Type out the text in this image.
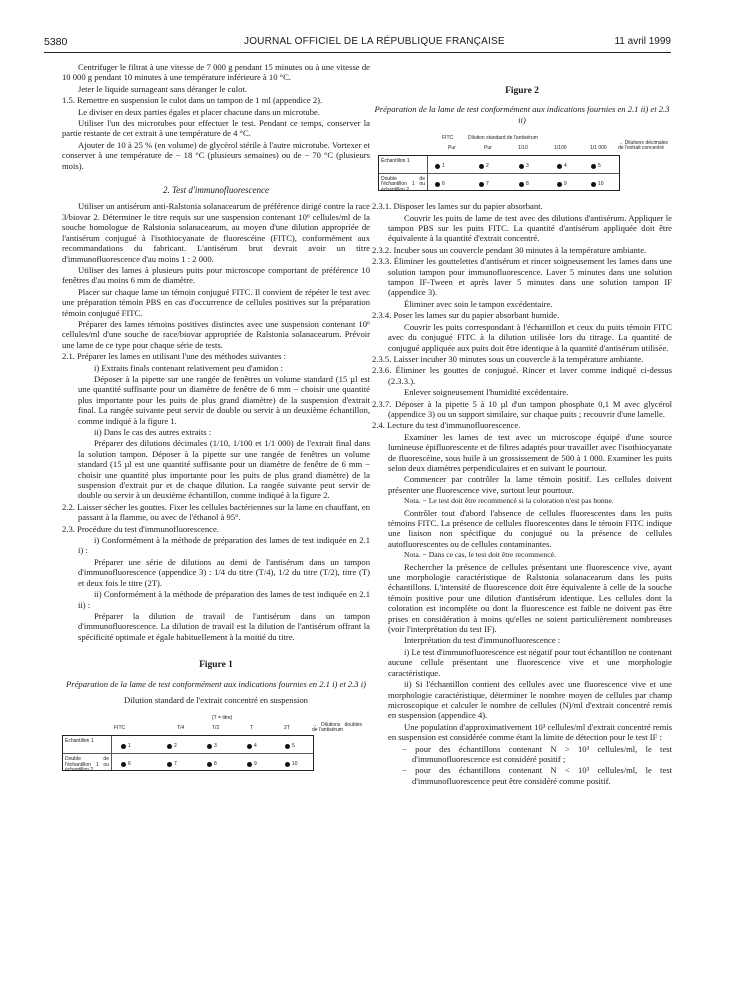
5380	JOURNAL OFFICIEL DE LA RÉPUBLIQUE FRANÇAISE	11 avril 1999

Centrifuger le filtrat à une vitesse de 7 000 g pendant 15 minutes ou à une vitesse de 10 000 g pendant 10 minutes à une température inférieure à 10 °C.

Jeter le liquide surnageant sans déranger le culot.

1.5. Remettre en suspension le culot dans un tampon de 1 ml (appendice 2).

Le diviser en deux parties égales et placer chacune dans un microtube.

Utiliser l'un des microtubes pour effectuer le test. Pendant ce temps, conserver la partie restante de cet extrait à une température de 4 °C.

Ajouter de 10 à 25 % (en volume) de glycérol stérile à l'autre microtube. Vortexer et conserver à une température de − 18 °C (plusieurs semaines) ou de − 70 °C (plusieurs mois).

2. Test d'immunofluorescence

Utiliser un antisérum anti-Ralstonia solanacearum de préférence dirigé contre la race 3/biovar 2. Déterminer le titre requis sur une suspension contenant 10⁶ cellules/ml de la souche homologue de Ralstonia solanacearum, au moyen d'une dilution appropriée de l'antisérum conjugué à l'isothiocyanate de fluorescéine (FITC), conformément aux recommandations du fabricant. L'antisérum brut devrait avoir un titre d'immunofluorescence d'au moins 1 : 2 000.

Utiliser des lames à plusieurs puits pour microscope comportant de préférence 10 fenêtres d'au moins 6 mm de diamètre.

Placer sur chaque lame un témoin conjugué FITC. Il convient de répéter le test avec une préparation témoin PBS en cas d'occurrence de cellules positives sur la préparation témoin conjugué FITC.

Préparer des lames témoins positives distinctes avec une suspension contenant 10⁶ cellules/ml d'une souche de race/biovar appropriée de Ralstonia solanacearum. Prévoir une lame de ce type pour chaque série de tests.

2.1. Préparer les lames en utilisant l'une des méthodes suivantes :

i) Extraits finals contenant relativement peu d'amidon :

Déposer à la pipette sur une rangée de fenêtres un volume standard (15 µl est une quantité suffisante pour un diamètre de fenêtre de 6 mm − choisir une quantité plus importante pour les puits de plus grand diamètre) de la suspension d'extrait final. La rangée suivante peut servir de double ou servir à un deuxième échantillon, comme indiqué à la figure 1.

ii) Dans le cas des autres extraits :

Préparer des dilutions décimales (1/10, 1/100 et 1/1 000) de l'extrait final dans la solution tampon. Déposer à la pipette sur une rangée de fenêtres un volume standard (15 µl est une quantité suffisante pour un diamètre de fenêtre de 6 mm − choisir une quantité plus importante pour les puits de plus grand diamètre) de la suspension d'extrait pur et de chaque dilution. La rangée suivante peut servir de double ou servir à un deuxième échantillon, comme indiqué à la figure 2.

2.2. Laisser sécher les gouttes. Fixer les cellules bactériennes sur la lame en chauffant, en passant à la flamme, ou avec de l'éthanol à 95°.

2.3. Procédure du test d'immunofluorescence.

i) Conformément à la méthode de préparation des lames de test indiquée en 2.1 i) :

Préparer une série de dilutions au demi de l'antisérum dans un tampon d'immunofluorescence (appendice 3) : 1/4 du titre (T/4), 1/2 du titre (T/2), titre (T) et deux fois le titre (2T).

ii) Conformément à la méthode de préparation des lames de test indiquée en 2.1 ii) :

Préparer la dilution de travail de l'antisérum dans un tampon d'immunofluorescence. La dilution de travail est la dilution de l'antisérum offrant la spécificité optimale et égale habituellement à la moitié du titre.

Figure 1
Préparation de la lame de test conformément aux indications fournies en 2.1 i) et 2.3 i)
Dilution standard de l'extrait concentré en suspension
(T = titre)
FITC	T/4	T/2	T	2T	→ Dilutions doubles de l'antisérum
Échantillon 1
1	2	3	4	5
Double de l'échantillon 1 ou échantillon 2
6	7	8	9	10
Figure 2
Préparation de la lame de test conformément aux indications fournies en 2.1 ii) et 2.3 ii)
FITC	Dilution standard de l'antisérum
Pur	Pur	1/10	1/100	1/1 000
→ Dilutions décimales de l'extrait concentré
Échantillon 1
1	2	3	4	5
Double de l'échantillon 1 ou échantillon 2
6	7	8	9	10

2.3.1. Disposer les lames sur du papier absorbant.

Couvrir les puits de lame de test avec des dilutions d'antisérum. Appliquer le tampon PBS sur les puits FITC. La quantité d'antisérum appliquée doit être équivalente à la quantité d'extrait concentré.

2.3.2. Incuber sous un couvercle pendant 30 minutes à la température ambiante.

2.3.3. Éliminer les gouttelettes d'antisérum et rincer soigneusement les lames dans une solution tampon pour immunofluorescence. Laver 5 minutes dans une solution tampon IF-Tween et après laver 5 minutes dans une solution tampon IF (appendice 3).

Éliminer avec soin le tampon excédentaire.

2.3.4. Poser les lames sur du papier absorbant humide.

Couvrir les puits correspondant à l'échantillon et ceux du puits témoin FITC avec du conjugué FITC à la dilution utilisée lors du titrage. La quantité de conjugué appliquée aux puits doit être identique à la quantité d'antisérum utilisée.

2.3.5. Laisser incuber 30 minutes sous un couvercle à la température ambiante.

2.3.6. Éliminer les gouttes de conjugué. Rincer et laver comme indiqué ci-dessus (2.3.3.).

Enlever soigneusement l'humidité excédentaire.

2.3.7. Déposer à la pipette 5 à 10 µl d'un tampon phosphate 0,1 M avec glycérol (appendice 3) ou un support similaire, sur chaque puits ; recouvrir d'une lamelle.

2.4. Lecture du test d'immunofluorescence.

Examiner les lames de test avec un microscope équipé d'une source lumineuse épifluorescente et de filtres adaptés pour travailler avec l'isothiocyanate de fluorescéine, sous huile à un grossissement de 500 à 1 000. Examiner les puits selon deux diamètres perpendiculaires et en suivant le pourtour.

Commencer par contrôler la lame témoin positif. Les cellules doivent présenter une fluorescence vive, surtout leur pourtour.

Nota. − Le test doit être recommencé si la coloration n'est pas bonne.

Contrôler tout d'abord l'absence de cellules fluorescentes dans les puits témoins FITC. La présence de cellules fluorescentes dans le témoin FITC indique une liaison non spécifique du conjugué ou la présence de cellules autofluorescentes ou de cellules contaminantes.

Nota. − Dans ce cas, le test doit être recommencé.

Rechercher la présence de cellules présentant une fluorescence vive, ayant une morphologie caractéristique de Ralstonia solanacearum dans les puits échantillons. L'intensité de fluorescence doit être équivalente à celle de la souche témoin positive pour une dilution d'antisérum identique. Les cellules dont la coloration est incomplète ou dont la fluorescence est faible ne doivent pas être prises en considération à moins qu'elles ne soient particulièrement nombreuses (voir l'interprétation du test IF).

Interprétation du test d'immunofluorescence :

i) Le test d'immunofluorescence est négatif pour tout échantillon ne contenant aucune cellule présentant une fluorescence vive et une morphologie caractéristique.

ii) Si l'échantillon contient des cellules avec une fluorescence vive et une morphologie caractéristique, déterminer le nombre moyen de cellules par champ microscopique et calculer le nombre de cellules (N)/ml d'extrait concentré remis en suspension (appendice 4).

Une population d'approximativement 10³ cellules/ml d'extrait concentré remis en suspension est considérée comme étant la limite de détection pour le test IF :

− pour des échantillons contenant N > 10³ cellules/ml, le test d'immunofluorescence est considéré positif ;

− pour des échantillons contenant N < 10³ cellules/ml, le test d'immunofluorescence peut être considéré comme positif.
